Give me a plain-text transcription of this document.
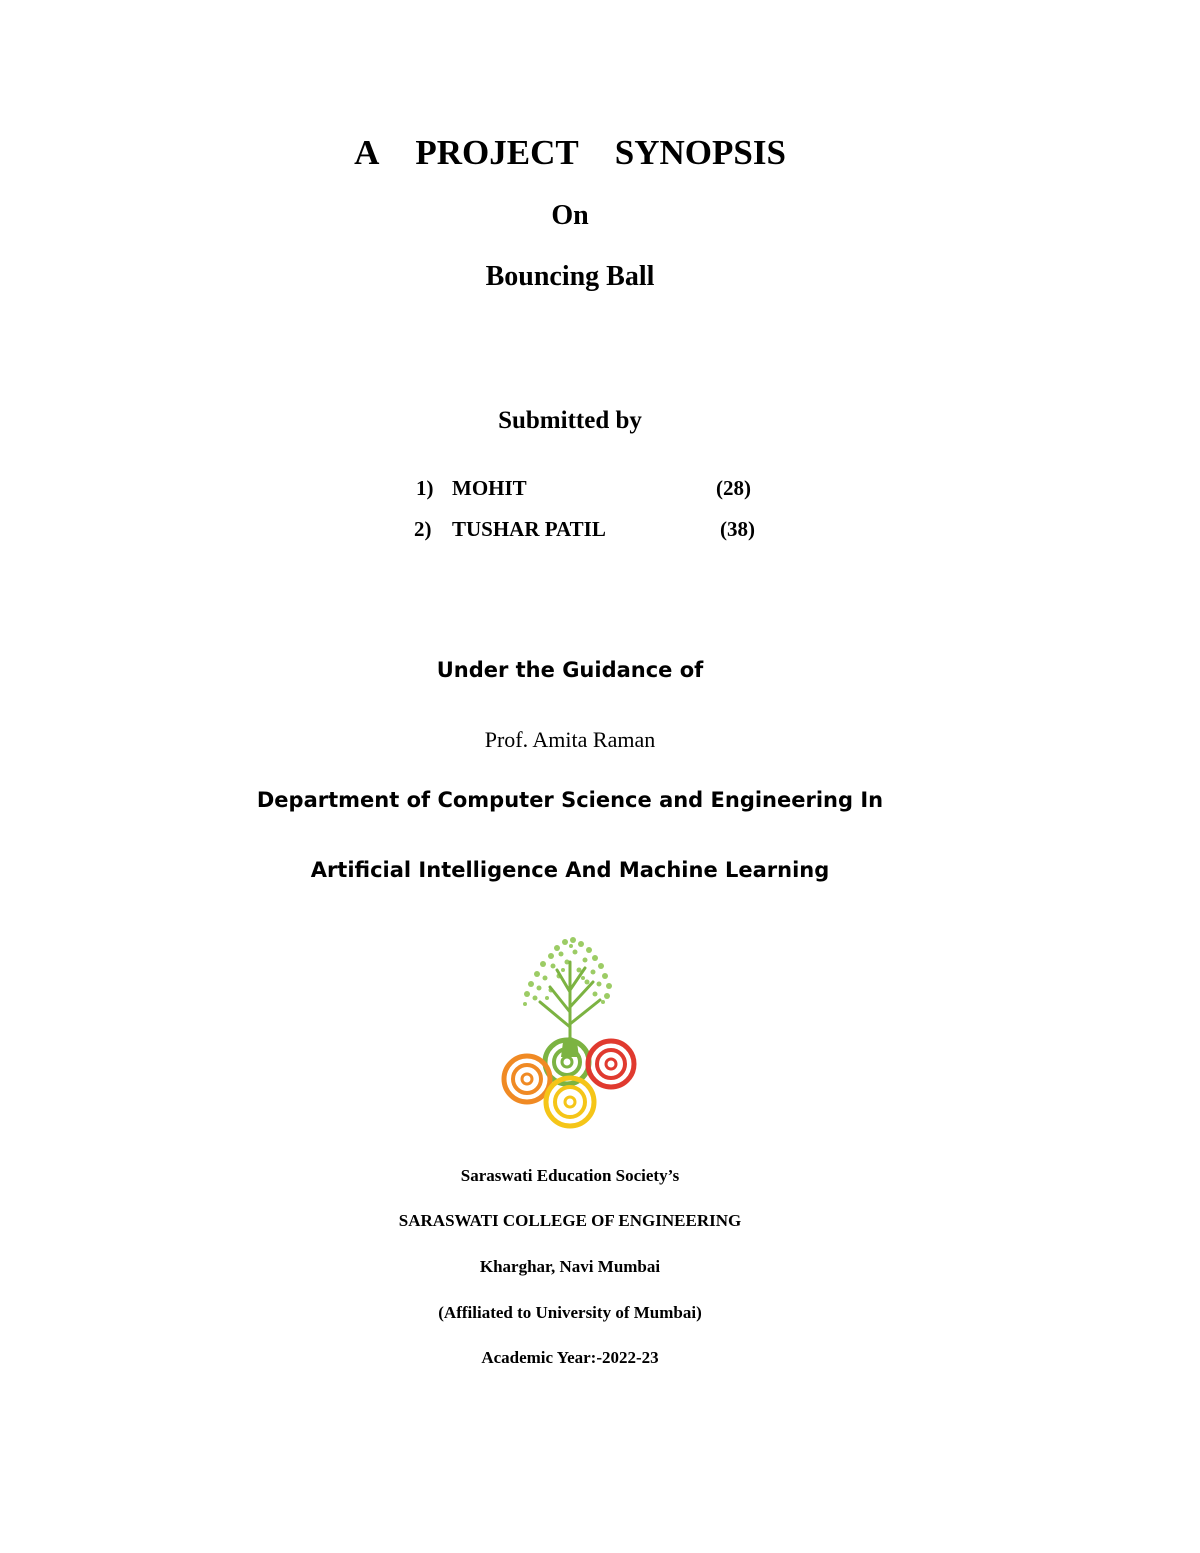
A PROJECT SYNOPSIS
On
Bouncing Ball
Submitted by
1) MOHIT	(28)
2) TUSHAR PATIL	(38)
Under the Guidance of
Prof. Amita Raman
Department of Computer Science and Engineering In
Artificial Intelligence And Machine Learning
Saraswati Education Society’s
SARASWATI COLLEGE OF ENGINEERING
Kharghar, Navi Mumbai
(Affiliated to University of Mumbai)
Academic Year:-2022-23
